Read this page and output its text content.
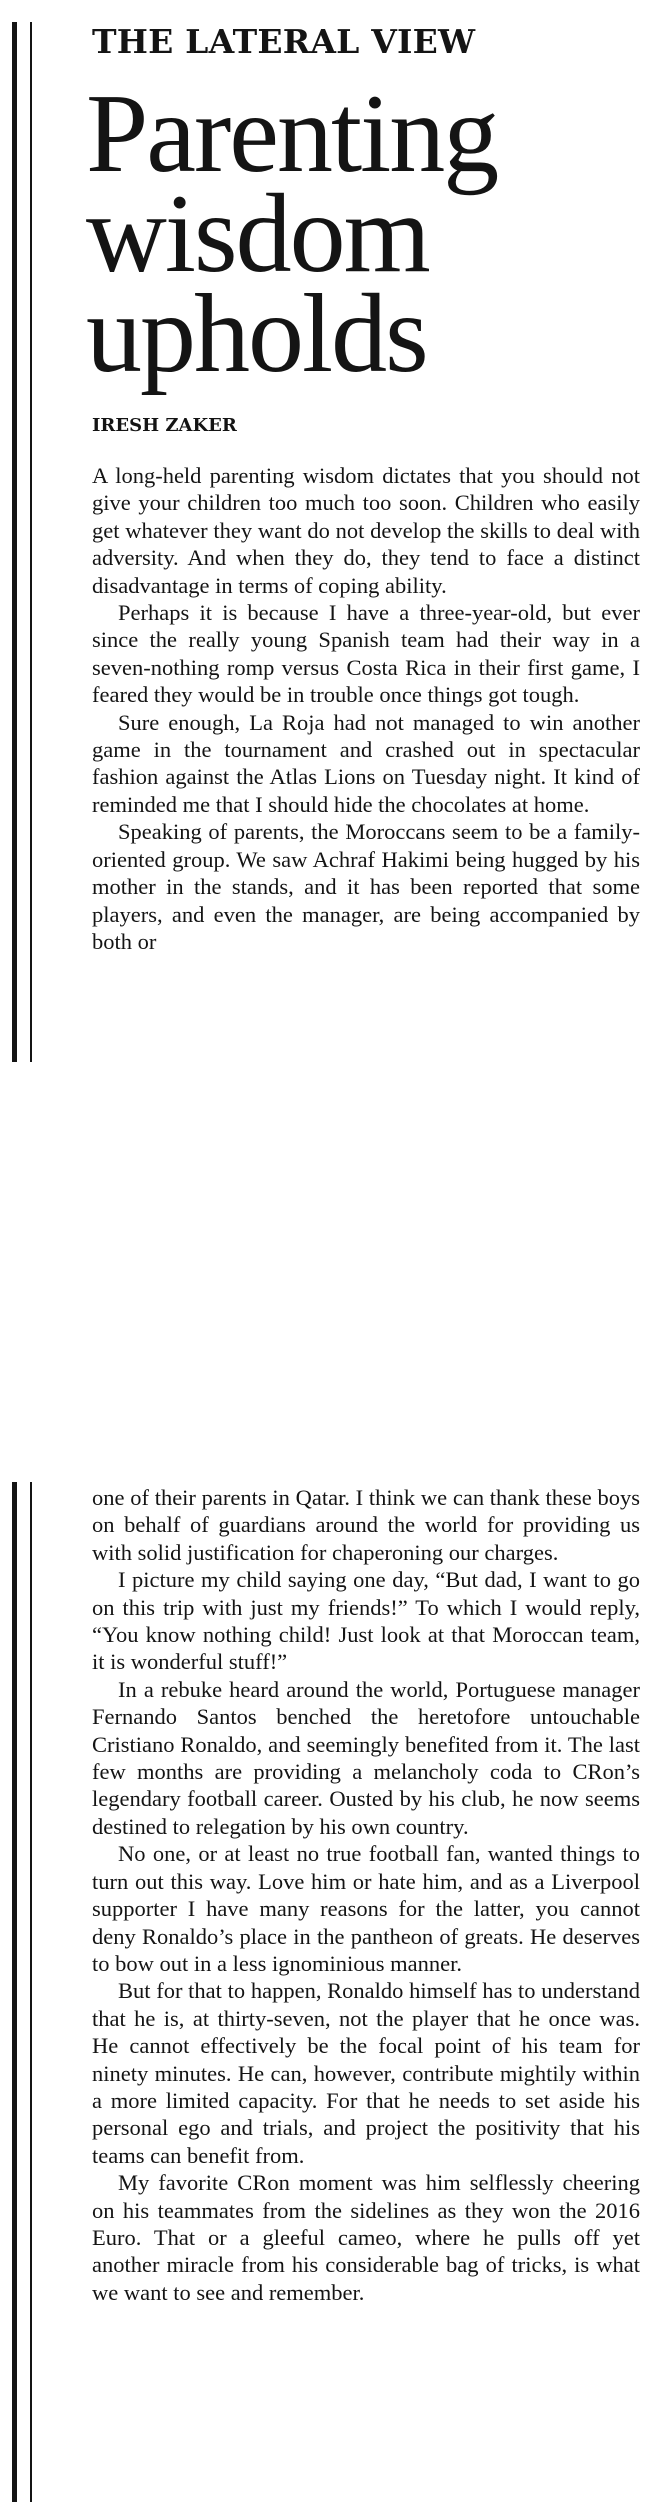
THE LATERAL VIEW
Parenting
wisdom
upholds
IRESH ZAKER

A long-held parenting wisdom dictates that you should not give your children too much too soon. Children who easily get whatever they want do not develop the skills to deal with adversity. And when they do, they tend to face a distinct disadvantage in terms of coping ability.

Perhaps it is because I have a three-year-old, but ever since the really young Spanish team had their way in a seven-nothing romp versus Costa Rica in their first game, I feared they would be in trouble once things got tough.

Sure enough, La Roja had not managed to win another game in the tournament and crashed out in spectacular fashion against the Atlas Lions on Tuesday night. It kind of reminded me that I should hide the chocolates at home.

Speaking of parents, the Moroccans seem to be a family-oriented group. We saw Achraf Hakimi being hugged by his mother in the stands, and it has been reported that some players, and even the manager, are being accompanied by both or

one of their parents in Qatar. I think we can thank these boys on behalf of guardians around the world for providing us with solid justification for chaperoning our charges.

I picture my child saying one day, “But dad, I want to go on this trip with just my friends!” To which I would reply, “You know nothing child! Just look at that Moroccan team, it is wonderful stuff!”

In a rebuke heard around the world, Portuguese manager Fernando Santos benched the heretofore untouchable Cristiano Ronaldo, and seemingly benefited from it. The last few months are providing a melancholy coda to CRon’s legendary football career. Ousted by his club, he now seems destined to relegation by his own country.

No one, or at least no true football fan, wanted things to turn out this way. Love him or hate him, and as a Liverpool supporter I have many reasons for the latter, you cannot deny Ronaldo’s place in the pantheon of greats. He deserves to bow out in a less ignominious manner.

But for that to happen, Ronaldo himself has to understand that he is, at thirty-seven, not the player that he once was. He cannot effectively be the focal point of his team for ninety minutes. He can, however, contribute mightily within a more limited capacity. For that he needs to set aside his personal ego and trials, and project the positivity that his teams can benefit from.

My favorite CRon moment was him selflessly cheering on his teammates from the sidelines as they won the 2016 Euro. That or a gleeful cameo, where he pulls off yet another miracle from his considerable bag of tricks, is what we want to see and remember.
